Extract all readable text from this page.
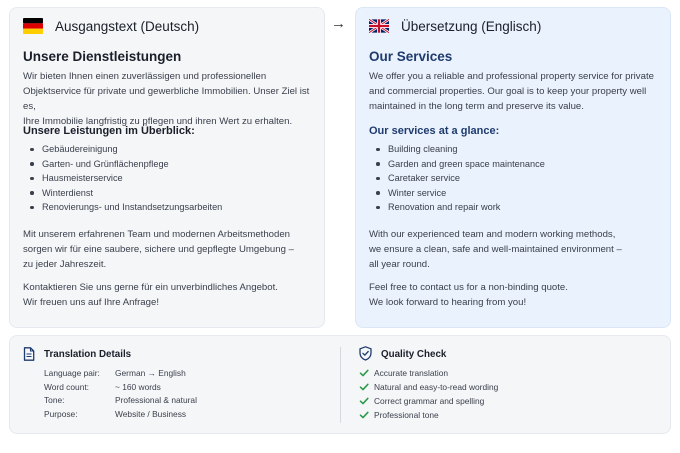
Ausgangstext (Deutsch)
Unsere Dienstleistungen
Wir bieten Ihnen einen zuverlässigen und professionellen
Objektservice für private und gewerbliche Immobilien. Unser Ziel ist es,
Ihre Immobilie langfristig zu pflegen und ihren Wert zu erhalten.
Unsere Leistungen im Überblick:
Gebäudereinigung
Garten- und Grünflächenpflege
Hausmeisterservice
Winterdienst
Renovierungs- und Instandsetzungsarbeiten
Mit unserem erfahrenen Team und modernen Arbeitsmethoden
sorgen wir für eine saubere, sichere und gepflegte Umgebung –
zu jeder Jahreszeit.
Kontaktieren Sie uns gerne für ein unverbindliches Angebot.
Wir freuen uns auf Ihre Anfrage!
→	Übersetzung (Englisch)
Our Services
We offer you a reliable and professional property service for private
and commercial properties. Our goal is to keep your property well
maintained in the long term and preserve its value.
Our services at a glance:
Building cleaning
Garden and green space maintenance
Caretaker service
Winter service
Renovation and repair work
With our experienced team and modern working methods,
we ensure a clean, safe and well-maintained environment –
all year round.
Feel free to contact us for a non-binding quote.
We look forward to hearing from you!
Translation Details
Language pair:	German → English
Word count:	~ 160 words
Tone:	Professional & natural
Purpose:	Website / Business
Quality Check
Accurate translation
Natural and easy-to-read wording
Correct grammar and spelling
Professional tone
